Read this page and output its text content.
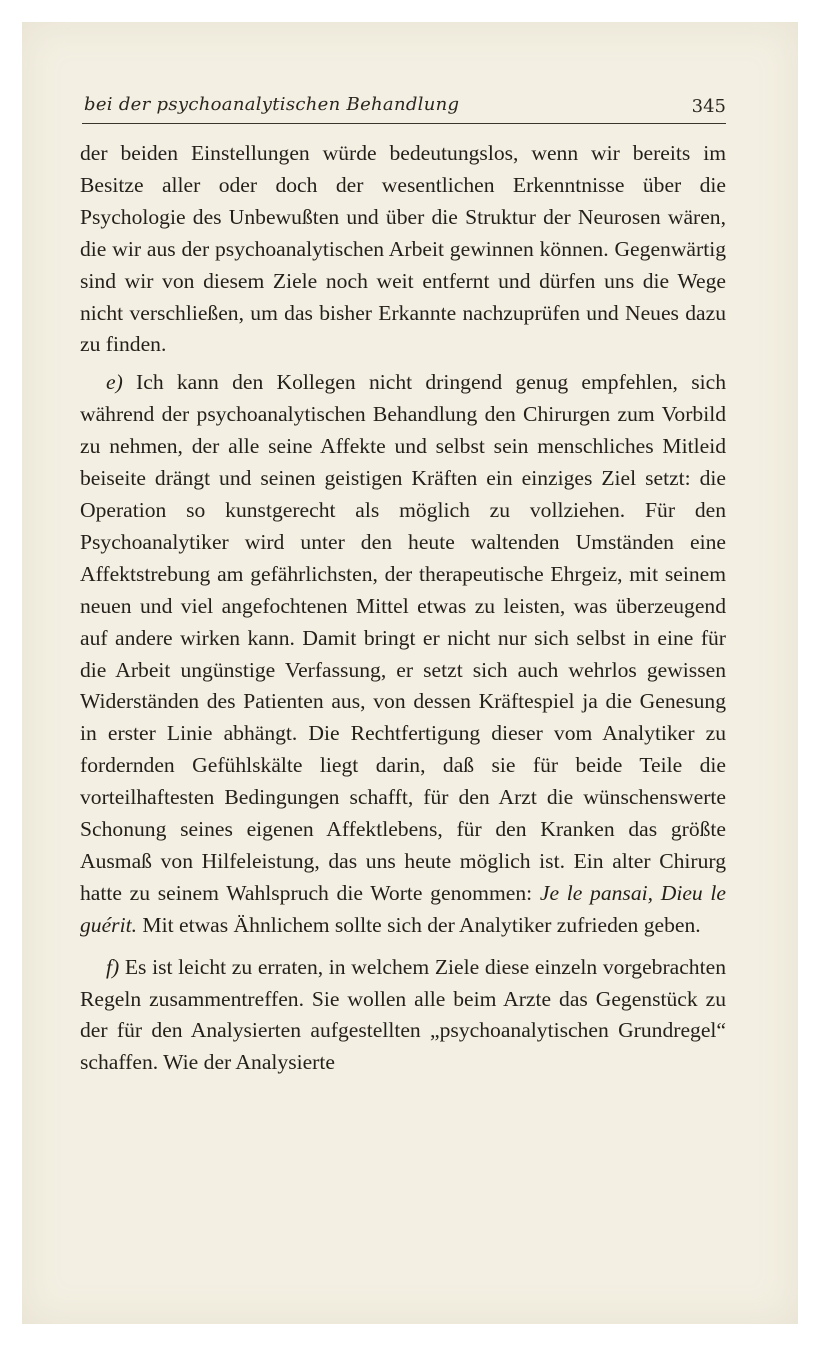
bei der psychoanalytischen Behandlung	345

der beiden Einstellungen würde bedeutungslos, wenn wir bereits im Besitze aller oder doch der wesentlichen Erkenntnisse über die Psychologie des Unbewußten und über die Struktur der Neurosen wären, die wir aus der psychoanalytischen Arbeit gewinnen können. Gegenwärtig sind wir von diesem Ziele noch weit entfernt und dürfen uns die Wege nicht verschließen, um das bisher Erkannte nachzuprüfen und Neues dazu zu finden.

e) Ich kann den Kollegen nicht dringend genug empfehlen, sich während der psychoanalytischen Behandlung den Chirurgen zum Vorbild zu nehmen, der alle seine Affekte und selbst sein menschliches Mitleid beiseite drängt und seinen geistigen Kräften ein einziges Ziel setzt: die Operation so kunstgerecht als möglich zu vollziehen. Für den Psychoanalytiker wird unter den heute waltenden Umständen eine Affektstrebung am gefährlichsten, der therapeutische Ehrgeiz, mit seinem neuen und viel angefochtenen Mittel etwas zu leisten, was überzeugend auf andere wirken kann. Damit bringt er nicht nur sich selbst in eine für die Arbeit ungünstige Verfassung, er setzt sich auch wehrlos gewissen Widerständen des Patienten aus, von dessen Kräftespiel ja die Genesung in erster Linie abhängt. Die Rechtfertigung dieser vom Analytiker zu fordernden Gefühlskälte liegt darin, daß sie für beide Teile die vorteilhaftesten Bedingungen schafft, für den Arzt die wünschenswerte Schonung seines eigenen Affektlebens, für den Kranken das größte Ausmaß von Hilfeleistung, das uns heute möglich ist. Ein alter Chirurg hatte zu seinem Wahlspruch die Worte genommen: Je le pansai, Dieu le guérit. Mit etwas Ähnlichem sollte sich der Analytiker zufrieden geben.

f) Es ist leicht zu erraten, in welchem Ziele diese einzeln vorgebrachten Regeln zusammentreffen. Sie wollen alle beim Arzte das Gegenstück zu der für den Analysierten aufgestellten „psychoanalytischen Grundregel“ schaffen. Wie der Analysierte
